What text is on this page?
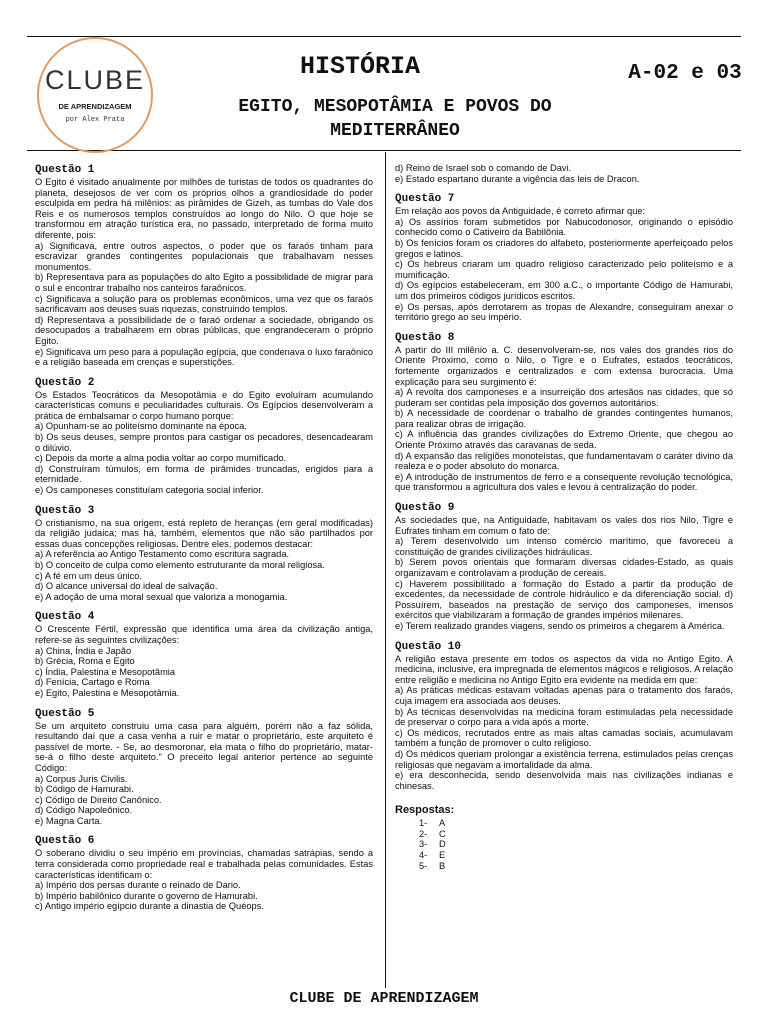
CLUBE
DE APRENDIZAGEM
por Alex Prata
HISTÓRIA
EGITO, MESOPOTÂMIA E POVOS DO MEDITERRÂNEO
A-02 e 03
Questão 1
O Egito é visitado anualmente por milhões de turistas de todos os quadrantes do planeta, desejosos de ver com os próprios olhos a grandiosidade do poder esculpida em pedra há milênios: as pirâmides de Gizeh, as tumbas do Vale dos Reis e os numerosos templos construídos ao longo do Nilo. O que hoje se transformou em atração turística era, no passado, interpretado de forma muito diferente, pois:
a) Significava, entre outros aspectos, o poder que os faraós tinham para escravizar grandes contingentes populacionais que trabalhavam nesses monumentos.
b) Representava para as populações do alto Egito a possibilidade de migrar para o sul e encontrar trabalho nos canteiros faraônicos.
c) Significava a solução para os problemas econômicos, uma vez que os faraós sacrificavam aos deuses suas riquezas, construindo templos.
d) Representava a possibilidade de o faraó ordenar a sociedade, obrigando os desocupados a trabalharem em obras públicas, que engrandeceram o próprio Egito.
e) Significava um peso para a população egípcia, que condenava o luxo faraônico e a religião baseada em crenças e superstições.
Questão 2
Os Estados Teocráticos da Mesopotâmia e do Egito evoluíram acumulando características comuns e peculiaridades culturais. Os Egípcios desenvolveram a prática de embalsamar o corpo humano porque:
a) Opunham-se ao politeísmo dominante na época.
b) Os seus deuses, sempre prontos para castigar os pecadores, desencadearam o dilúvio.
c) Depois da morte a alma podia voltar ao corpo mumificado.
d) Construíram túmulos, em forma de pirâmides truncadas, erigidos para a eternidade.
e) Os camponeses constituíam categoria social inferior.
Questão 3
O cristianismo, na sua origem, está repleto de heranças (em geral modificadas) da religião judaica; mas há, também, elementos que não são partilhados por essas duas concepções religiosas. Dentre eles, podemos destacar:
a) A referência ao Antigo Testamento como escritura sagrada.
b) O conceito de culpa como elemento estruturante da moral religiosa.
c) A fé em um deus único.
d) O alcance universal do ideal de salvação.
e) A adoção de uma moral sexual que valoriza a monogamia.
Questão 4
O Crescente Fértil, expressão que identifica uma área da civilização antiga, refere-se às seguintes civilizações:
a) China, Índia e Japão
b) Grécia, Roma e Egito
c) Índia, Palestina e Mesopotâmia
d) Fenícia, Cartago e Roma
e) Egito, Palestina e Mesopotâmia.
Questão 5
Se um arquiteto construiu uma casa para alguém, porém não a faz sólida, resultando daí que a casa venha a ruir e matar o proprietário, este arquiteto é passível de morte. - Se, ao desmoronar, ela mata o filho do proprietário, matar-se-á o filho deste arquiteto." O preceito legal anterior pertence ao seguinte Código:
a) Corpus Juris Civilis.
b) Código de Hamurabi.
c) Código de Direito Canônico.
d) Código Napoleônico.
e) Magna Carta.
Questão 6
O soberano dividiu o seu império em províncias, chamadas satrápias, sendo a terra considerada como propriedade real e trabalhada pelas comunidades. Estas características identificam o:
a) Império dos persas durante o reinado de Dario.
b) Império babilônico durante o governo de Hamurabi.
c) Antigo império egípcio durante a dinastia de Quéops.
d) Reino de Israel sob o comando de Davi.
e) Estado espartano durante a vigência das leis de Dracon.
Questão 7
Em relação aos povos da Antiguidade, é correto afirmar que:
a) Os assírios foram submetidos por Nabucodonosor, originando o episódio conhecido como o Cativeiro da Babilônia.
b) Os fenícios foram os criadores do alfabeto, posteriormente aperfeiçoado pelos gregos e latinos.
c) Os hebreus criaram um quadro religioso caracterizado pelo politeísmo e a mumificação.
d) Os egípcios estabeleceram, em 300 a.C., o importante Código de Hamurabi, um dos primeiros códigos jurídicos escritos.
e) Os persas, após derrotarem as tropas de Alexandre, conseguiram anexar o território grego ao seu império.
Questão 8
A partir do III milênio a. C. desenvolveram-se, nos vales dos grandes rios do Oriente Próximo, como o Nilo, o Tigre e o Eufrates, estados teocráticos, fortemente organizados e centralizados e com extensa burocracia. Uma explicação para seu surgimento é:
a) A revolta dos camponeses e a insurreição dos artesãos nas cidades, que só puderam ser contidas pela imposição dos governos autoritários.
b) A necessidade de coordenar o trabalho de grandes contingentes humanos, para realizar obras de irrigação.
c) A influência das grandes civilizações do Extremo Oriente, que chegou ao Oriente Próximo através das caravanas de seda.
d) A expansão das religiões monoteístas, que fundamentavam o caráter divino da realeza e o poder absoluto do monarca.
e) A introdução de instrumentos de ferro e a consequente revolução tecnológica, que transformou a agricultura dos vales e levou à centralização do poder.
Questão 9
As sociedades que, na Antiguidade, habitavam os vales dos rios Nilo, Tigre e Eufrates tinham em comum o fato de:
a) Terem desenvolvido um intenso comércio marítimo, que favoreceu a constituição de grandes civilizações hidráulicas.
b) Serem povos orientais que formaram diversas cidades-Estado, as quais organizavam e controlavam a produção de cereais.
c) Haverem possibilitado a formação do Estado a partir da produção de excedentes, da necessidade de controle hidráulico e da diferenciação social. d) Possuírem, baseados na prestação de serviço dos camponeses, imensos exércitos que viabilizaram a formação de grandes impérios milenares.
e) Terem realizado grandes viagens, sendo os primeiros a chegarem à América.
Questão 10
A religião estava presente em todos os aspectos da vida no Antigo Egito. A medicina, inclusive, era impregnada de elementos mágicos e religiosos. A relação entre religião e medicina no Antigo Egito era evidente na medida em que:
a) As práticas médicas estavam voltadas apenas para o tratamento dos faraós, cuja imagem era associada aos deuses.
b) As técnicas desenvolvidas na medicina foram estimuladas pela necessidade de preservar o corpo para a vida após a morte.
c) Os médicos, recrutados entre as mais altas camadas sociais, acumulavam também a função de promover o culto religioso.
d) Os médicos queriam prolongar a existência terrena, estimulados pelas crenças religiosas que negavam a imortalidade da alma.
e) era desconhecida, sendo desenvolvida mais nas civilizações indianas e chinesas.
Respostas:
1-	A
2-	C
3-	D
4-	E
5-	B
CLUBE DE APRENDIZAGEM
